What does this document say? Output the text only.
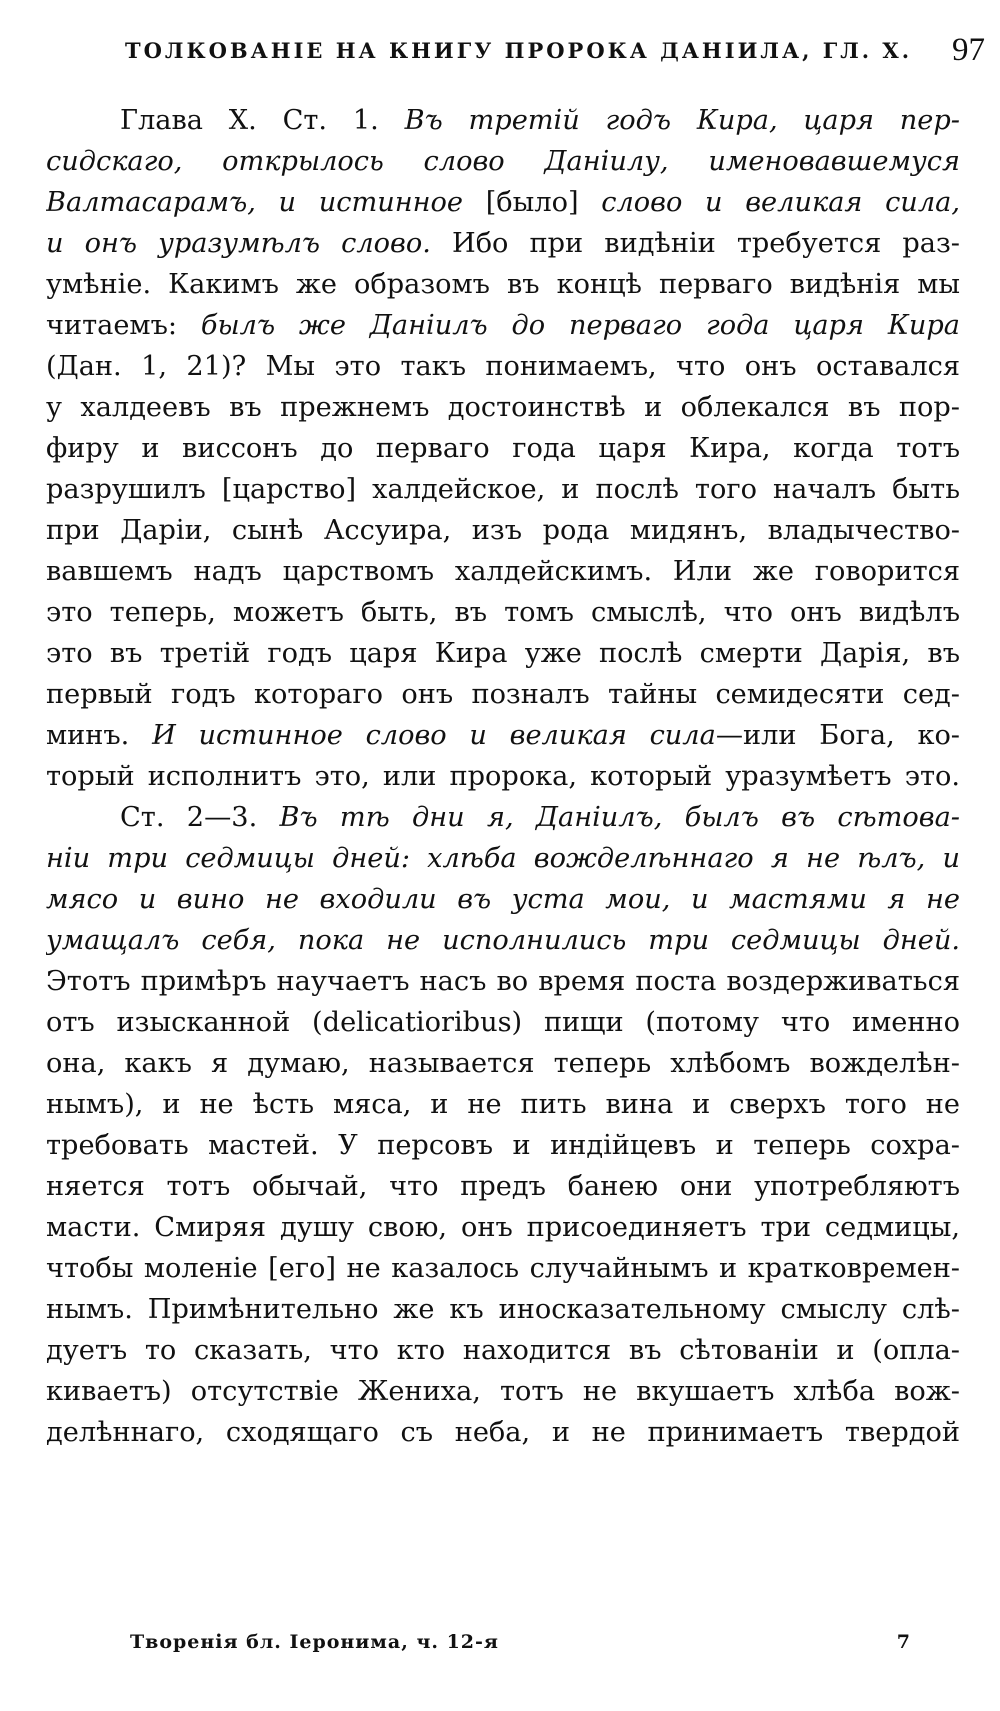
ТОЛКОВАНІЕ НА КНИГУ ПРОРОКА ДАНІИЛА, ГЛ. X. 97
Глава X. Ст. 1. Въ третій годъ Кира, царя пер-
сидскаго, открылось слово Даніилу, именовавшемуся
Валтасарамъ, и истинное [было] слово и великая сила,
и онъ уразумѣлъ слово. Ибо при видѣніи требуется раз-
умѣніе. Какимъ же образомъ въ концѣ перваго видѣнія мы
читаемъ: былъ же Даніилъ до перваго года царя Кира
(Дан. 1, 21)? Мы это такъ понимаемъ, что онъ оставался
у халдеевъ въ прежнемъ достоинствѣ и облекался въ пор-
фиру и виссонъ до перваго года царя Кира, когда тотъ
разрушилъ [царство] халдейское, и послѣ того началъ быть
при Даріи, сынѣ Ассуира, изъ рода мидянъ, владычество-
вавшемъ надъ царствомъ халдейскимъ. Или же говорится
это теперь, можетъ быть, въ томъ смыслѣ, что онъ видѣлъ
это въ третій годъ царя Кира уже послѣ смерти Дарія, въ
первый годъ котораго онъ позналъ тайны семидесяти сед-
минъ. И истинное слово и великая сила—или Бога, ко-
торый исполнитъ это, или пророка, который уразумѣетъ это.
Ст. 2—3. Въ тѣ дни я, Даніилъ, былъ въ сѣтова-
ніи три седмицы дней: хлѣба вожделѣннаго я не ѣлъ, и
мясо и вино не входили въ уста мои, и мастями я не
умащалъ себя, пока не исполнились три седмицы дней.
Этотъ примѣръ научаетъ насъ во время поста воздерживаться
отъ изысканной (delicatioribus) пищи (потому что именно
она, какъ я думаю, называется теперь хлѣбомъ вожделѣн-
нымъ), и не ѣсть мяса, и не пить вина и сверхъ того не
требовать мастей. У персовъ и индійцевъ и теперь сохра-
няется тотъ обычай, что предъ банею они употребляютъ
масти. Смиряя душу свою, онъ присоединяетъ три седмицы,
чтобы моленіе [его] не казалось случайнымъ и кратковремен-
нымъ. Примѣнительно же къ иносказательному смыслу слѣ-
дуетъ то сказать, что кто находится въ сѣтованіи и (опла-
киваетъ) отсутствіе Жениха, тотъ не вкушаетъ хлѣба вож-
делѣннаго, сходящаго съ неба, и не принимаетъ твердой
Творенія бл. Іеронима, ч. 12-я	7
